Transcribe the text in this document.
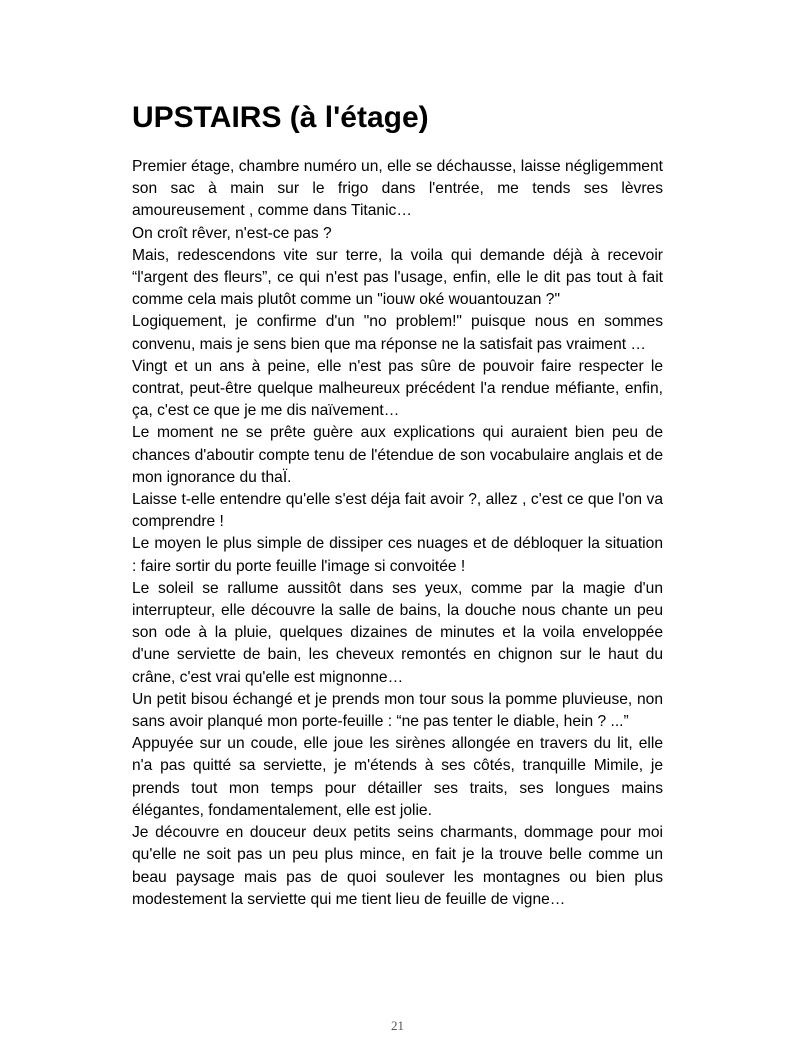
UPSTAIRS (à l'étage)

Premier étage, chambre numéro un, elle se déchausse, laisse négligemment son sac à main sur le frigo dans l'entrée, me tends ses lèvres amoureusement , comme dans Titanic…

On croît rêver, n'est-ce pas ?

Mais, redescendons vite sur terre, la voila qui demande déjà à recevoir “l'argent des fleurs”, ce qui n'est pas l'usage, enfin, elle le dit pas tout à fait comme cela mais plutôt comme un "iouw oké wouantouzan ?"

Logiquement, je confirme d'un "no problem!" puisque nous en sommes convenu, mais je sens bien que ma réponse ne la satisfait pas vraiment …

Vingt et un ans à peine, elle n'est pas sûre de pouvoir faire respecter le contrat, peut-être quelque malheureux précédent l'a rendue méfiante, enfin, ça, c'est ce que je me dis naïvement…

Le moment ne se prête guère aux explications qui auraient bien peu de chances d'aboutir compte tenu de l'étendue de son vocabulaire anglais et de mon ignorance du thaÏ.

Laisse t-elle entendre qu'elle s'est déja fait avoir ?, allez , c'est ce que l'on va comprendre !

Le moyen le plus simple de dissiper ces nuages et de débloquer la situation : faire sortir du porte feuille l'image si convoitée !

Le soleil se rallume aussitôt dans ses yeux, comme par la magie d'un interrupteur, elle découvre la salle de bains, la douche nous chante un peu son ode à la pluie, quelques dizaines de minutes et la voila enveloppée d'une serviette de bain, les cheveux remontés en chignon sur le haut du crâne, c'est vrai qu'elle est mignonne…

Un petit bisou échangé et je prends mon tour sous la pomme pluvieuse, non sans avoir planqué mon porte-feuille : “ne pas tenter le diable, hein ? ...”

Appuyée sur un coude, elle joue les sirènes allongée en travers du lit, elle n'a pas quitté sa serviette, je m'étends à ses côtés, tranquille Mimile, je prends tout mon temps pour détailler ses traits, ses longues mains élégantes, fondamentalement, elle est jolie.

Je découvre en douceur deux petits seins charmants, dommage pour moi qu'elle ne soit pas un peu plus mince, en fait je la trouve belle comme un beau paysage mais pas de quoi soulever les montagnes ou bien plus modestement la serviette qui me tient lieu de feuille de vigne…

21
